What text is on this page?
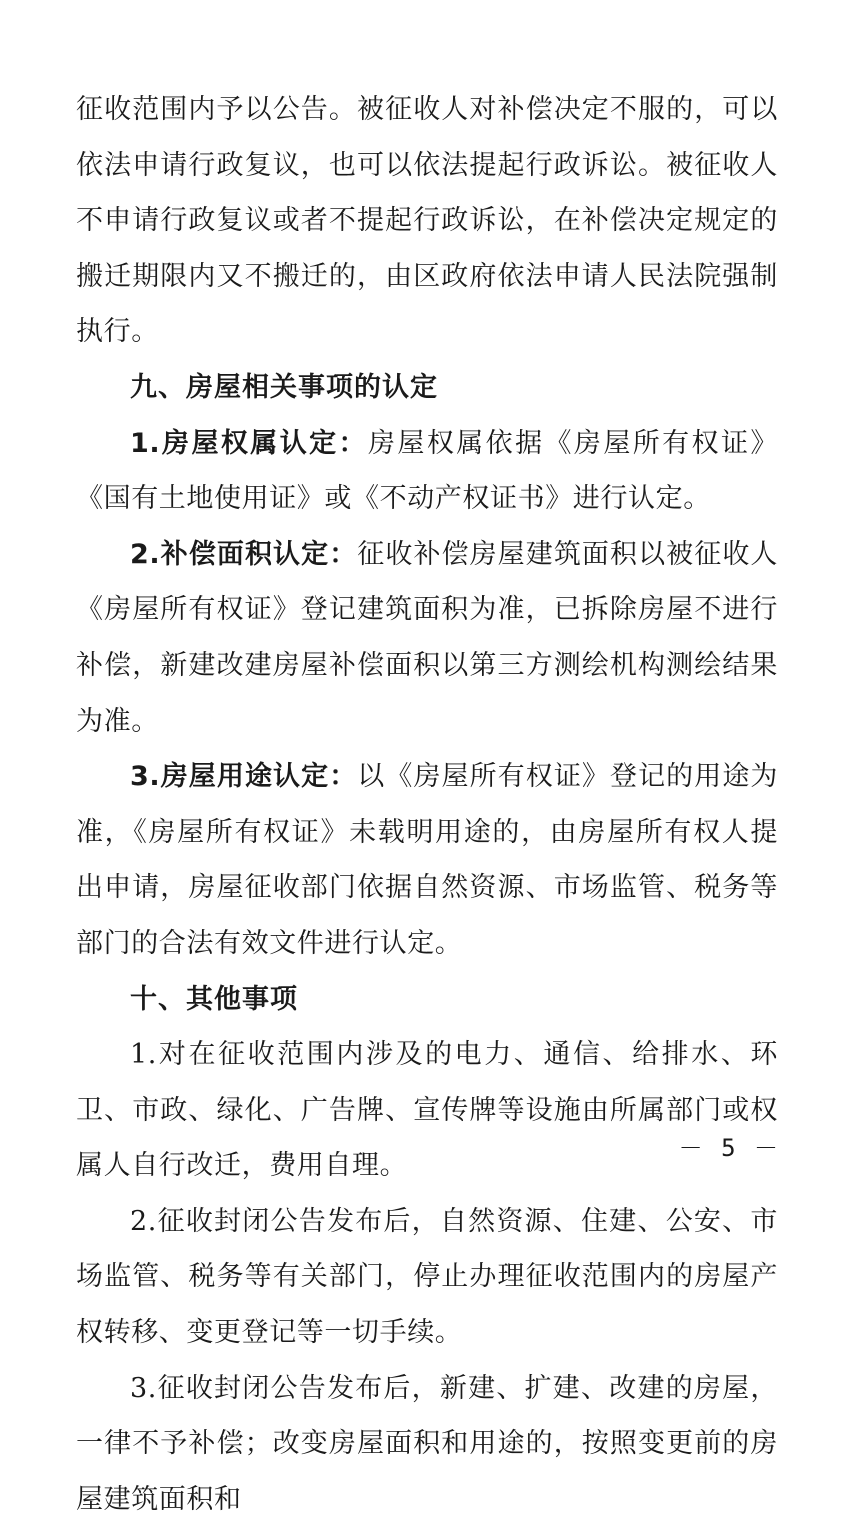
征收范围内予以公告。被征收人对补偿决定不服的，可以依法申请行政复议，也可以依法提起行政诉讼。被征收人不申请行政复议或者不提起行政诉讼，在补偿决定规定的搬迁期限内又不搬迁的，由区政府依法申请人民法院强制执行。

九、房屋相关事项的认定

1.房屋权属认定：房屋权属依据《房屋所有权证》《国有土地使用证》或《不动产权证书》进行认定。

2.补偿面积认定：征收补偿房屋建筑面积以被征收人《房屋所有权证》登记建筑面积为准，已拆除房屋不进行补偿，新建改建房屋补偿面积以第三方测绘机构测绘结果为准。

3.房屋用途认定：以《房屋所有权证》登记的用途为准，《房屋所有权证》未载明用途的，由房屋所有权人提出申请，房屋征收部门依据自然资源、市场监管、税务等部门的合法有效文件进行认定。

十、其他事项

1.对在征收范围内涉及的电力、通信、给排水、环卫、市政、绿化、广告牌、宣传牌等设施由所属部门或权属人自行改迁，费用自理。

2.征收封闭公告发布后，自然资源、住建、公安、市场监管、税务等有关部门，停止办理征收范围内的房屋产权转移、变更登记等一切手续。

3.征收封闭公告发布后，新建、扩建、改建的房屋，一律不予补偿；改变房屋面积和用途的，按照变更前的房屋建筑面积和

－ 5 －
